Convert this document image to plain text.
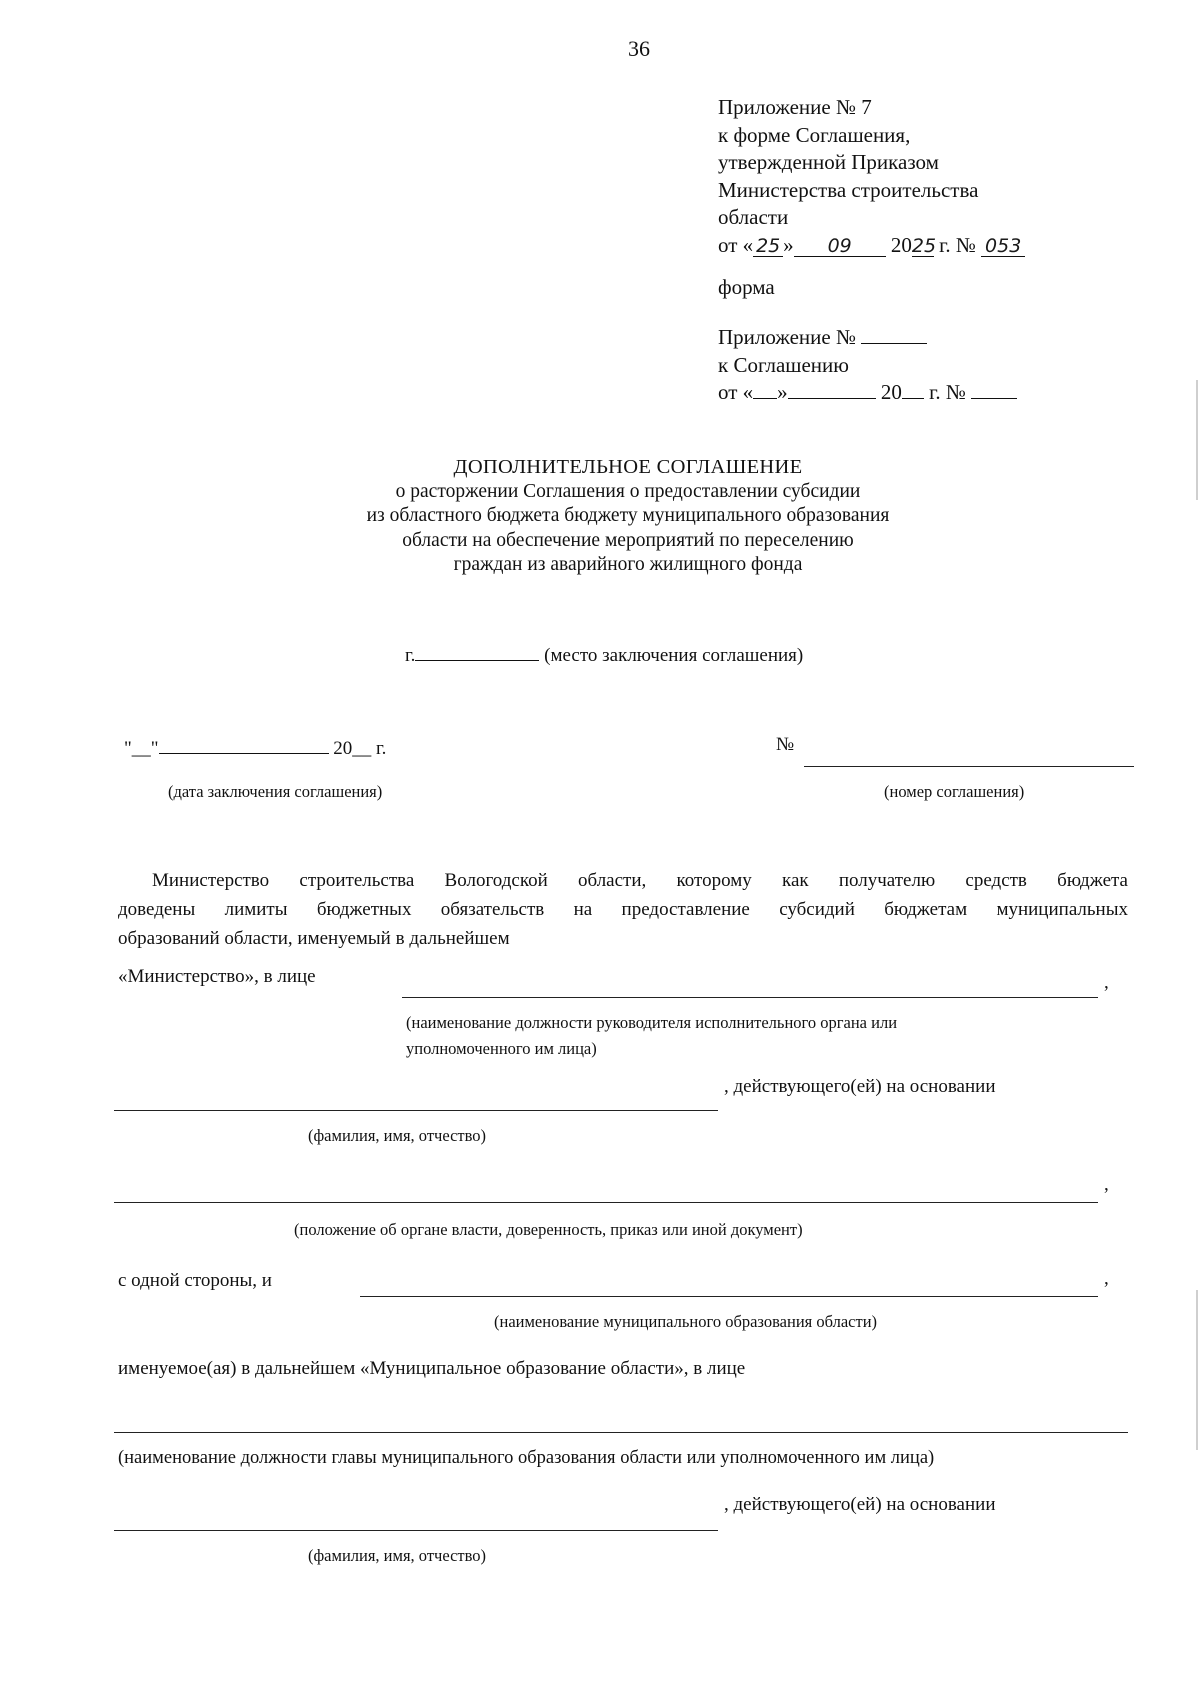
36
Приложение № 7
к форме Соглашения,
утвержденной Приказом
Министерства строительства
области
от « 25 » 09 2025 г. № 053
форма
Приложение №
к Соглашению
от « »	20 г. №
ДОПОЛНИТЕЛЬНОЕ СОГЛАШЕНИЕ
о расторжении Соглашения о предоставлении субсидии
из областного бюджета бюджету муниципального образования
области на обеспечение мероприятий по переселению
граждан из аварийного жилищного фонда
г.	(место заключения соглашения)
"__"	20__ г.	№
(дата заключения соглашения)	(номер соглашения)
Министерство строительства Вологодской области, которому как получателю средств бюджета
доведены лимиты бюджетных обязательств на предоставление субсидий бюджетам муниципальных
образований области, именуемый в дальнейшем
«Министерство», в лице	,
(наименование должности руководителя исполнительного органа или
уполномоченного им лица)
, действующего(ей) на основании
(фамилия, имя, отчество)
,
(положение об органе власти, доверенность, приказ или иной документ)
с одной стороны, и	,
(наименование муниципального образования области)
именуемое(ая) в дальнейшем «Муниципальное образование области», в лице
(наименование должности главы муниципального образования области или уполномоченного им лица)
, действующего(ей) на основании
(фамилия, имя, отчество)
